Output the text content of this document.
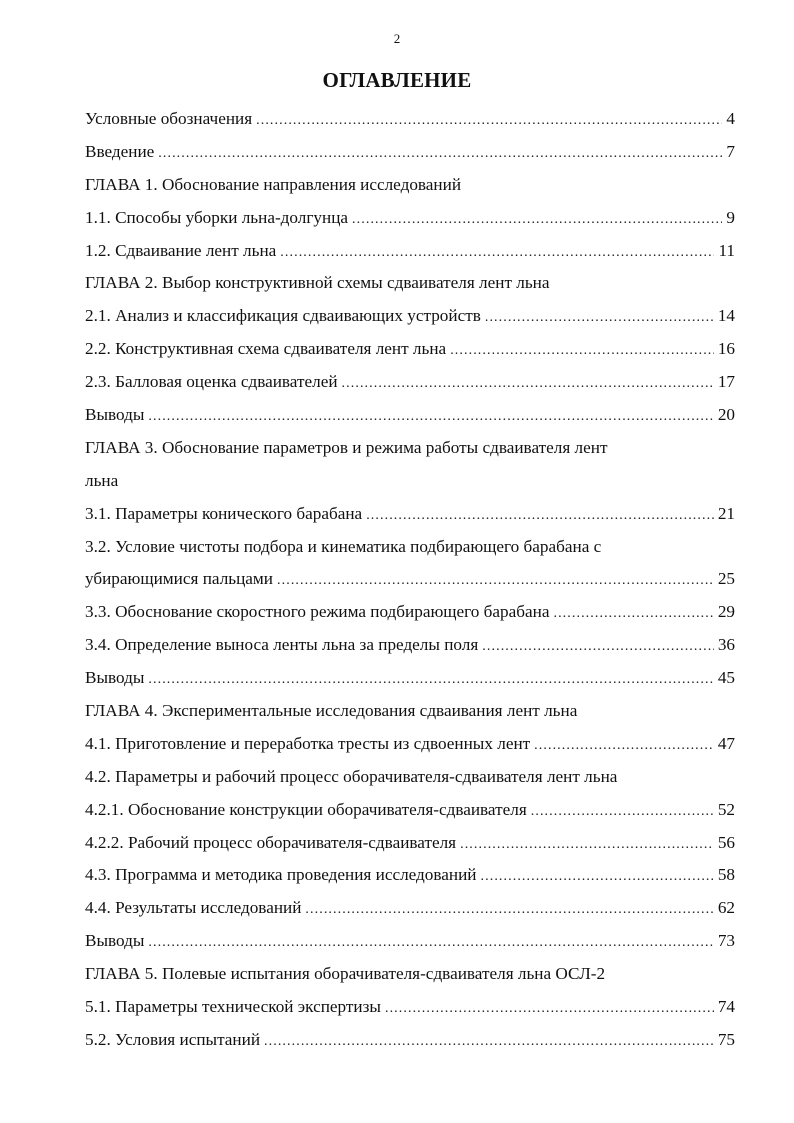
2
ОГЛАВЛЕНИЕ
Условные обозначения . . .	4
Введение . . .	7
ГЛАВА 1. Обоснование направления исследований
1.1. Способы уборки льна-долгунца . . .	9
1.2. Сдваивание лент льна . . .	11
ГЛАВА 2. Выбор конструктивной схемы сдваивателя лент льна
2.1. Анализ и классификация сдваивающих устройств . . .	14
2.2. Конструктивная схема сдваивателя лент льна . . .	16
2.3. Балловая оценка сдваивателей . . .	17
Выводы . . .	20
ГЛАВА 3. Обоснование параметров и режима работы сдваивателя лент
льна
3.1. Параметры конического барабана . . .	21
3.2. Условие чистоты подбора и кинематика подбирающего барабана с
убирающимися пальцами . . .	25
3.3. Обоснование скоростного режима подбирающего барабана . . .	29
3.4. Определение выноса ленты льна за пределы поля . . .	36
Выводы . . .	45
ГЛАВА 4. Экспериментальные исследования сдваивания лент льна
4.1. Приготовление и переработка тресты из сдвоенных лент . . .	47
4.2. Параметры и рабочий процесс оборачивателя-сдваивателя лент льна
4.2.1. Обоснование конструкции оборачивателя-сдваивателя . . .	52
4.2.2. Рабочий процесс оборачивателя-сдваивателя . . .	56
4.3. Программа и методика проведения исследований . . .	58
4.4. Результаты исследований . . .	62
Выводы . . .	73
ГЛАВА 5. Полевые испытания оборачивателя-сдваивателя льна ОСЛ-2
5.1. Параметры технической экспертизы . . .	74
5.2. Условия испытаний . . .	75
